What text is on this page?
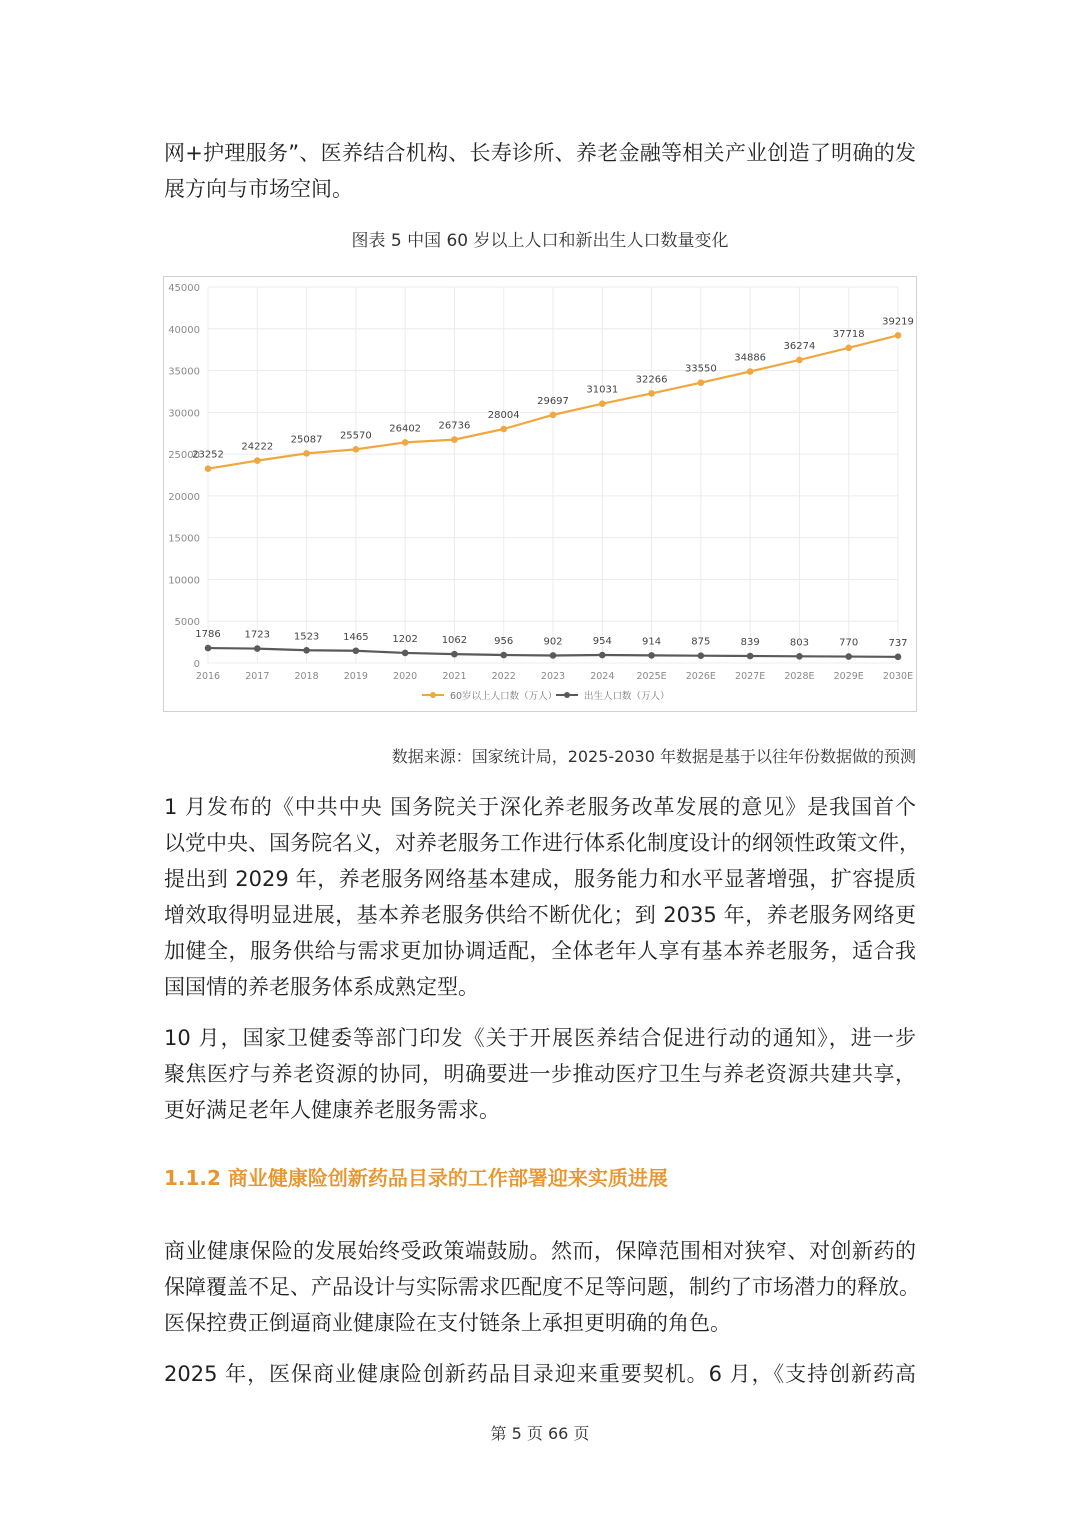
网+护理服务”、医养结合机构、长寿诊所、养老金融等相关产业创造了明确的发
展方向与市场空间。
图表 5 中国 60 岁以上人口和新出生人口数量变化
0
5000
10000
15000
20000
25000
30000
35000
40000
45000
2016	2017	2018	2019	2020	2021	2022	2023	2024 2025E 2026E 2027E 2028E 2029E 2030E
23252
24222
25087 25570
26402 26736
28004
29697
31031
32266
33550
34886
36274
37718
39219
1786 1723 1523 1465 1202 1062	956	902	954	914	875	839	803	770	737
60岁以上人口数（万人）	出生人口数（万人）
数据来源：国家统计局，2025-2030 年数据是基于以往年份数据做的预测
1 月发布的《中共中央 国务院关于深化养老服务改革发展的意见》是我国首个
以党中央、国务院名义，对养老服务工作进行体系化制度设计的纲领性政策文件，
提出到 2029 年，养老服务网络基本建成，服务能力和水平显著增强，扩容提质
增效取得明显进展，基本养老服务供给不断优化；到 2035 年，养老服务网络更
加健全，服务供给与需求更加协调适配，全体老年人享有基本养老服务，适合我
国国情的养老服务体系成熟定型。
10 月，国家卫健委等部门印发《关于开展医养结合促进行动的通知》，进一步
聚焦医疗与养老资源的协同，明确要进一步推动医疗卫生与养老资源共建共享，
更好满足老年人健康养老服务需求。
1.1.2 商业健康险创新药品目录的工作部署迎来实质进展
商业健康保险的发展始终受政策端鼓励。然而，保障范围相对狭窄、对创新药的
保障覆盖不足、产品设计与实际需求匹配度不足等问题，制约了市场潜力的释放。
医保控费正倒逼商业健康险在支付链条上承担更明确的角色。
2025 年，医保商业健康险创新药品目录迎来重要契机。6 月，《支持创新药高
第 5 页 66 页
